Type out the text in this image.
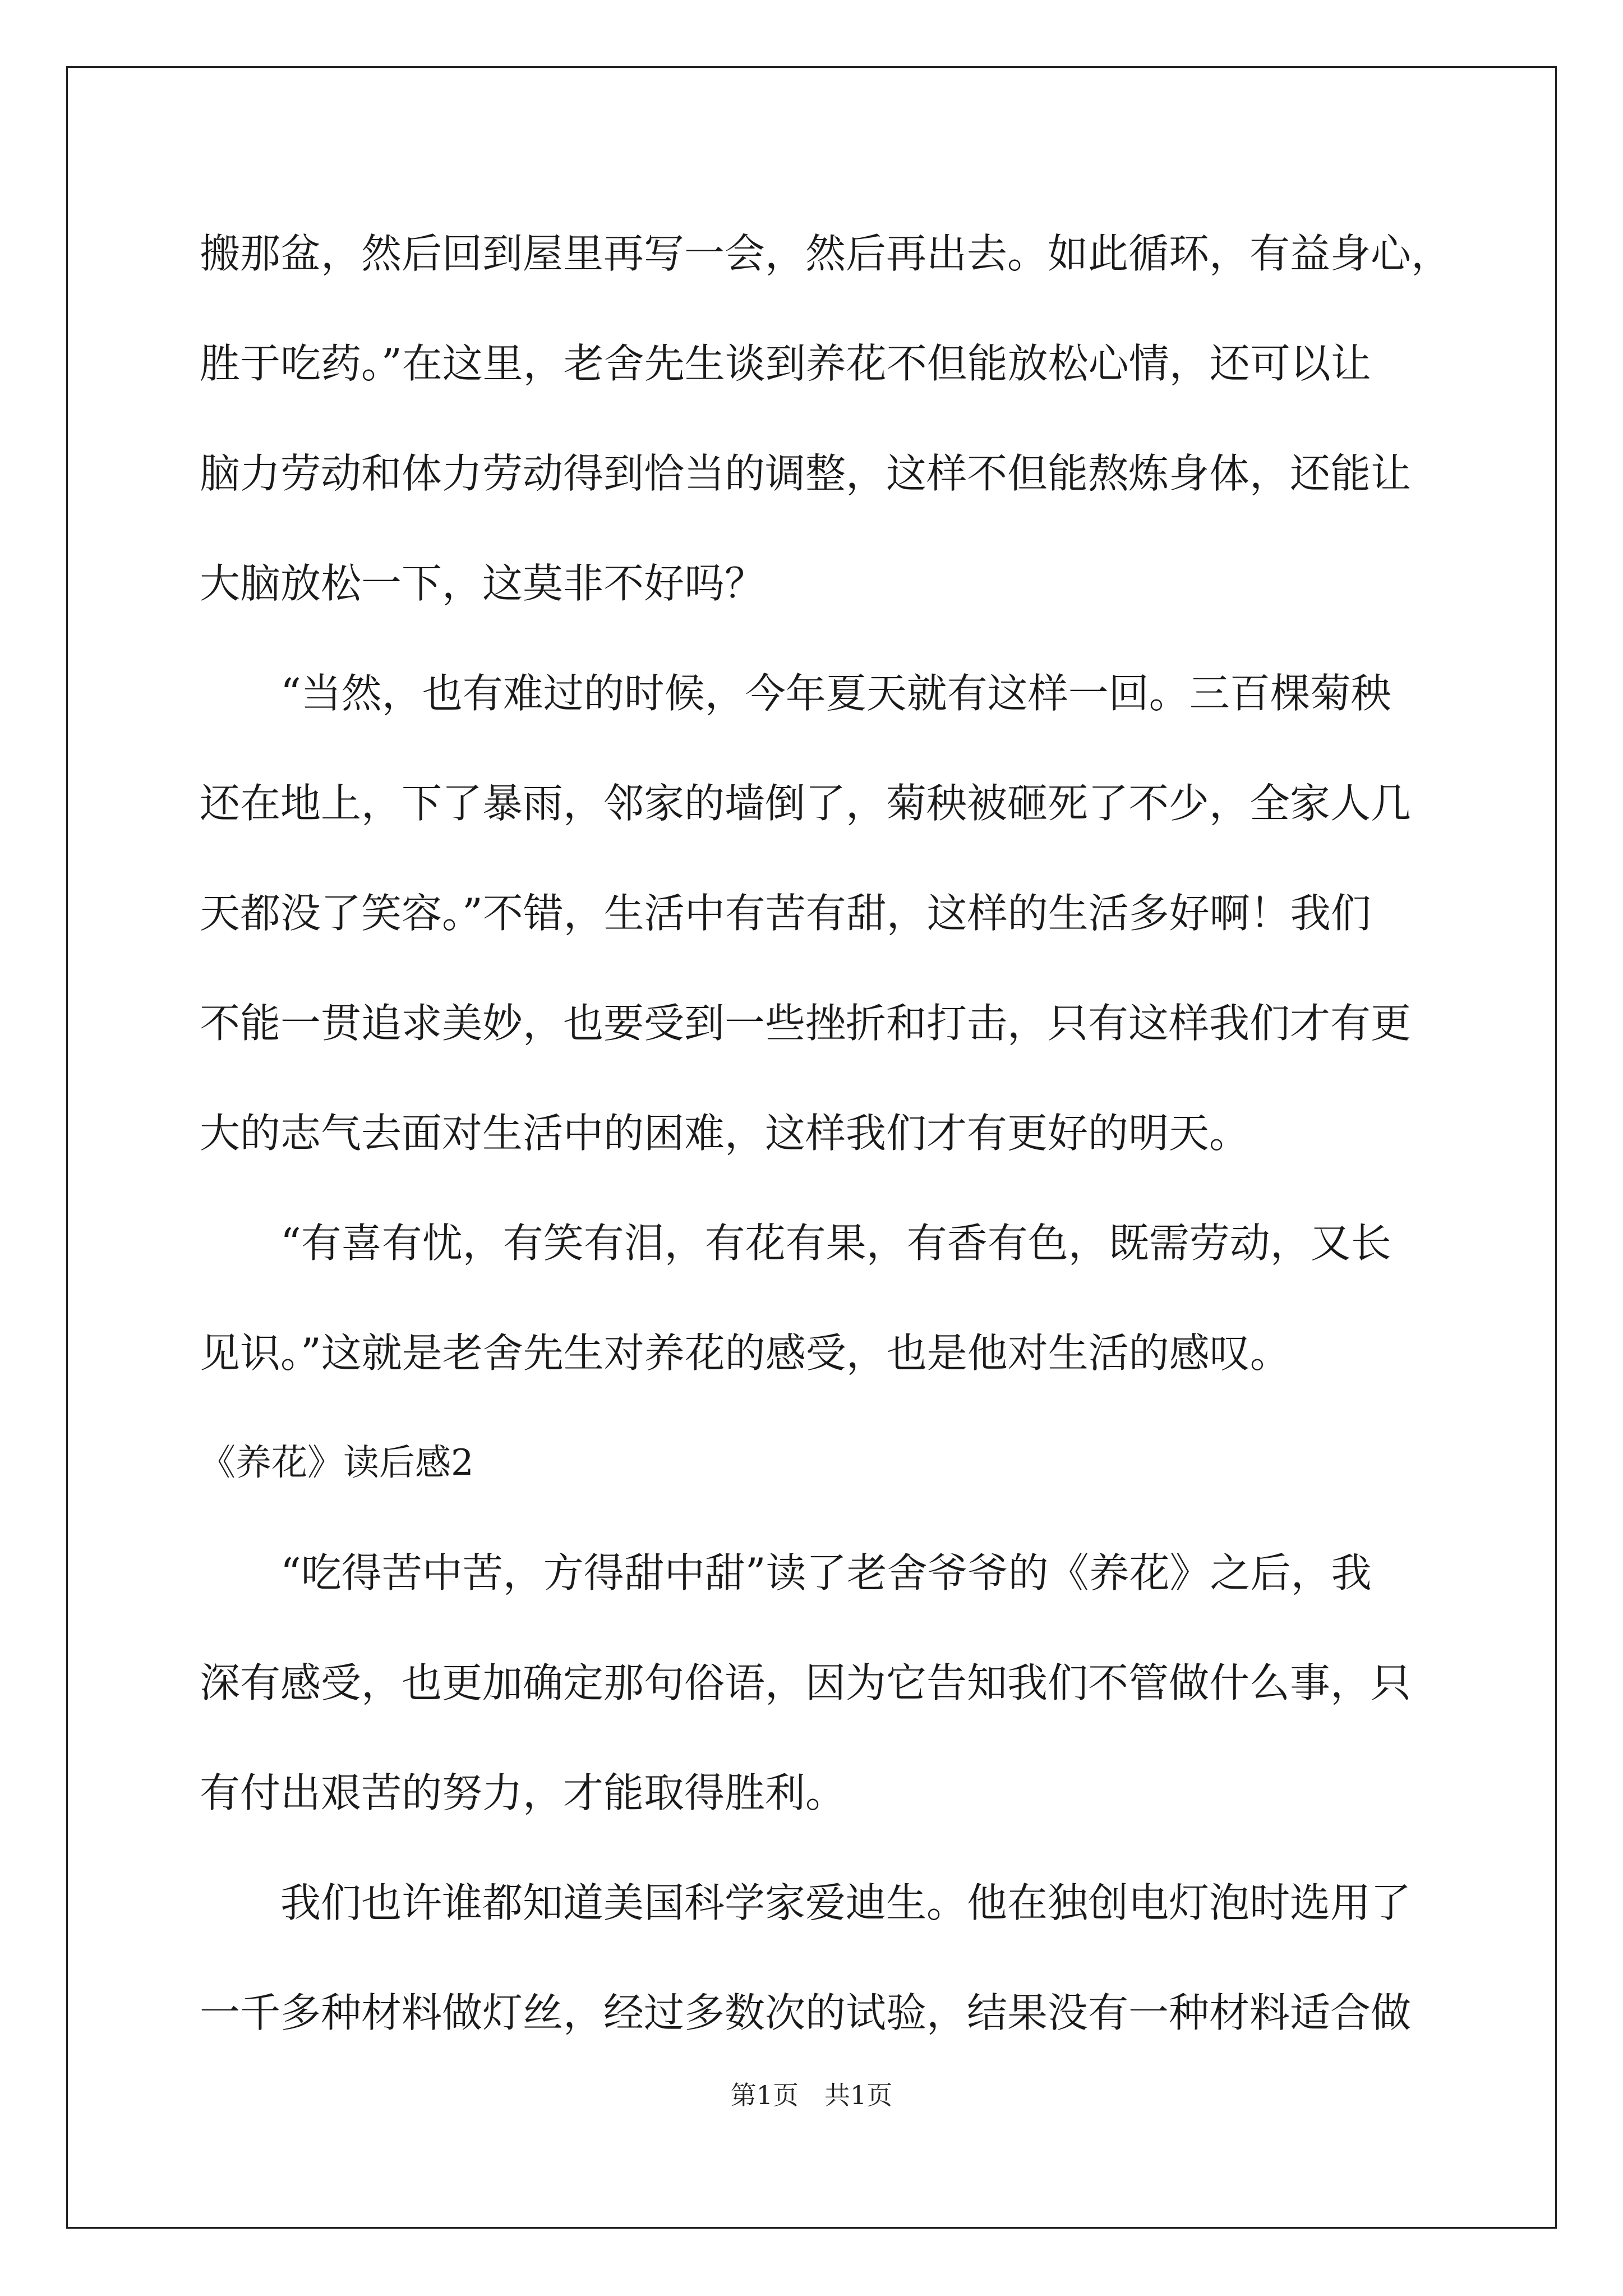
搬那盆，然后回到屋里再写一会，然后再出去。如此循环，有益身心，
胜于吃药。”在这里，老舍先生谈到养花不但能放松心情，还可以让
脑力劳动和体力劳动得到恰当的调整，这样不但能熬炼身体，还能让
大脑放松一下，这莫非不好吗？
“当然，也有难过的时候，今年夏天就有这样一回。三百棵菊秧
还在地上，下了暴雨，邻家的墙倒了，菊秧被砸死了不少，全家人几
天都没了笑容。”不错，生活中有苦有甜，这样的生活多好啊！我们
不能一贯追求美妙，也要受到一些挫折和打击，只有这样我们才有更
大的志气去面对生活中的困难，这样我们才有更好的明天。
“有喜有忧，有笑有泪，有花有果，有香有色，既需劳动，又长
见识。”这就是老舍先生对养花的感受，也是他对生活的感叹。
《养花》读后感2
“吃得苦中苦，方得甜中甜”读了老舍爷爷的《养花》之后，我
深有感受，也更加确定那句俗语，因为它告知我们不管做什么事，只
有付出艰苦的努力，才能取得胜利。
我们也许谁都知道美国科学家爱迪生。他在独创电灯泡时选用了
一千多种材料做灯丝，经过多数次的试验，结果没有一种材料适合做
第1页　共1页
